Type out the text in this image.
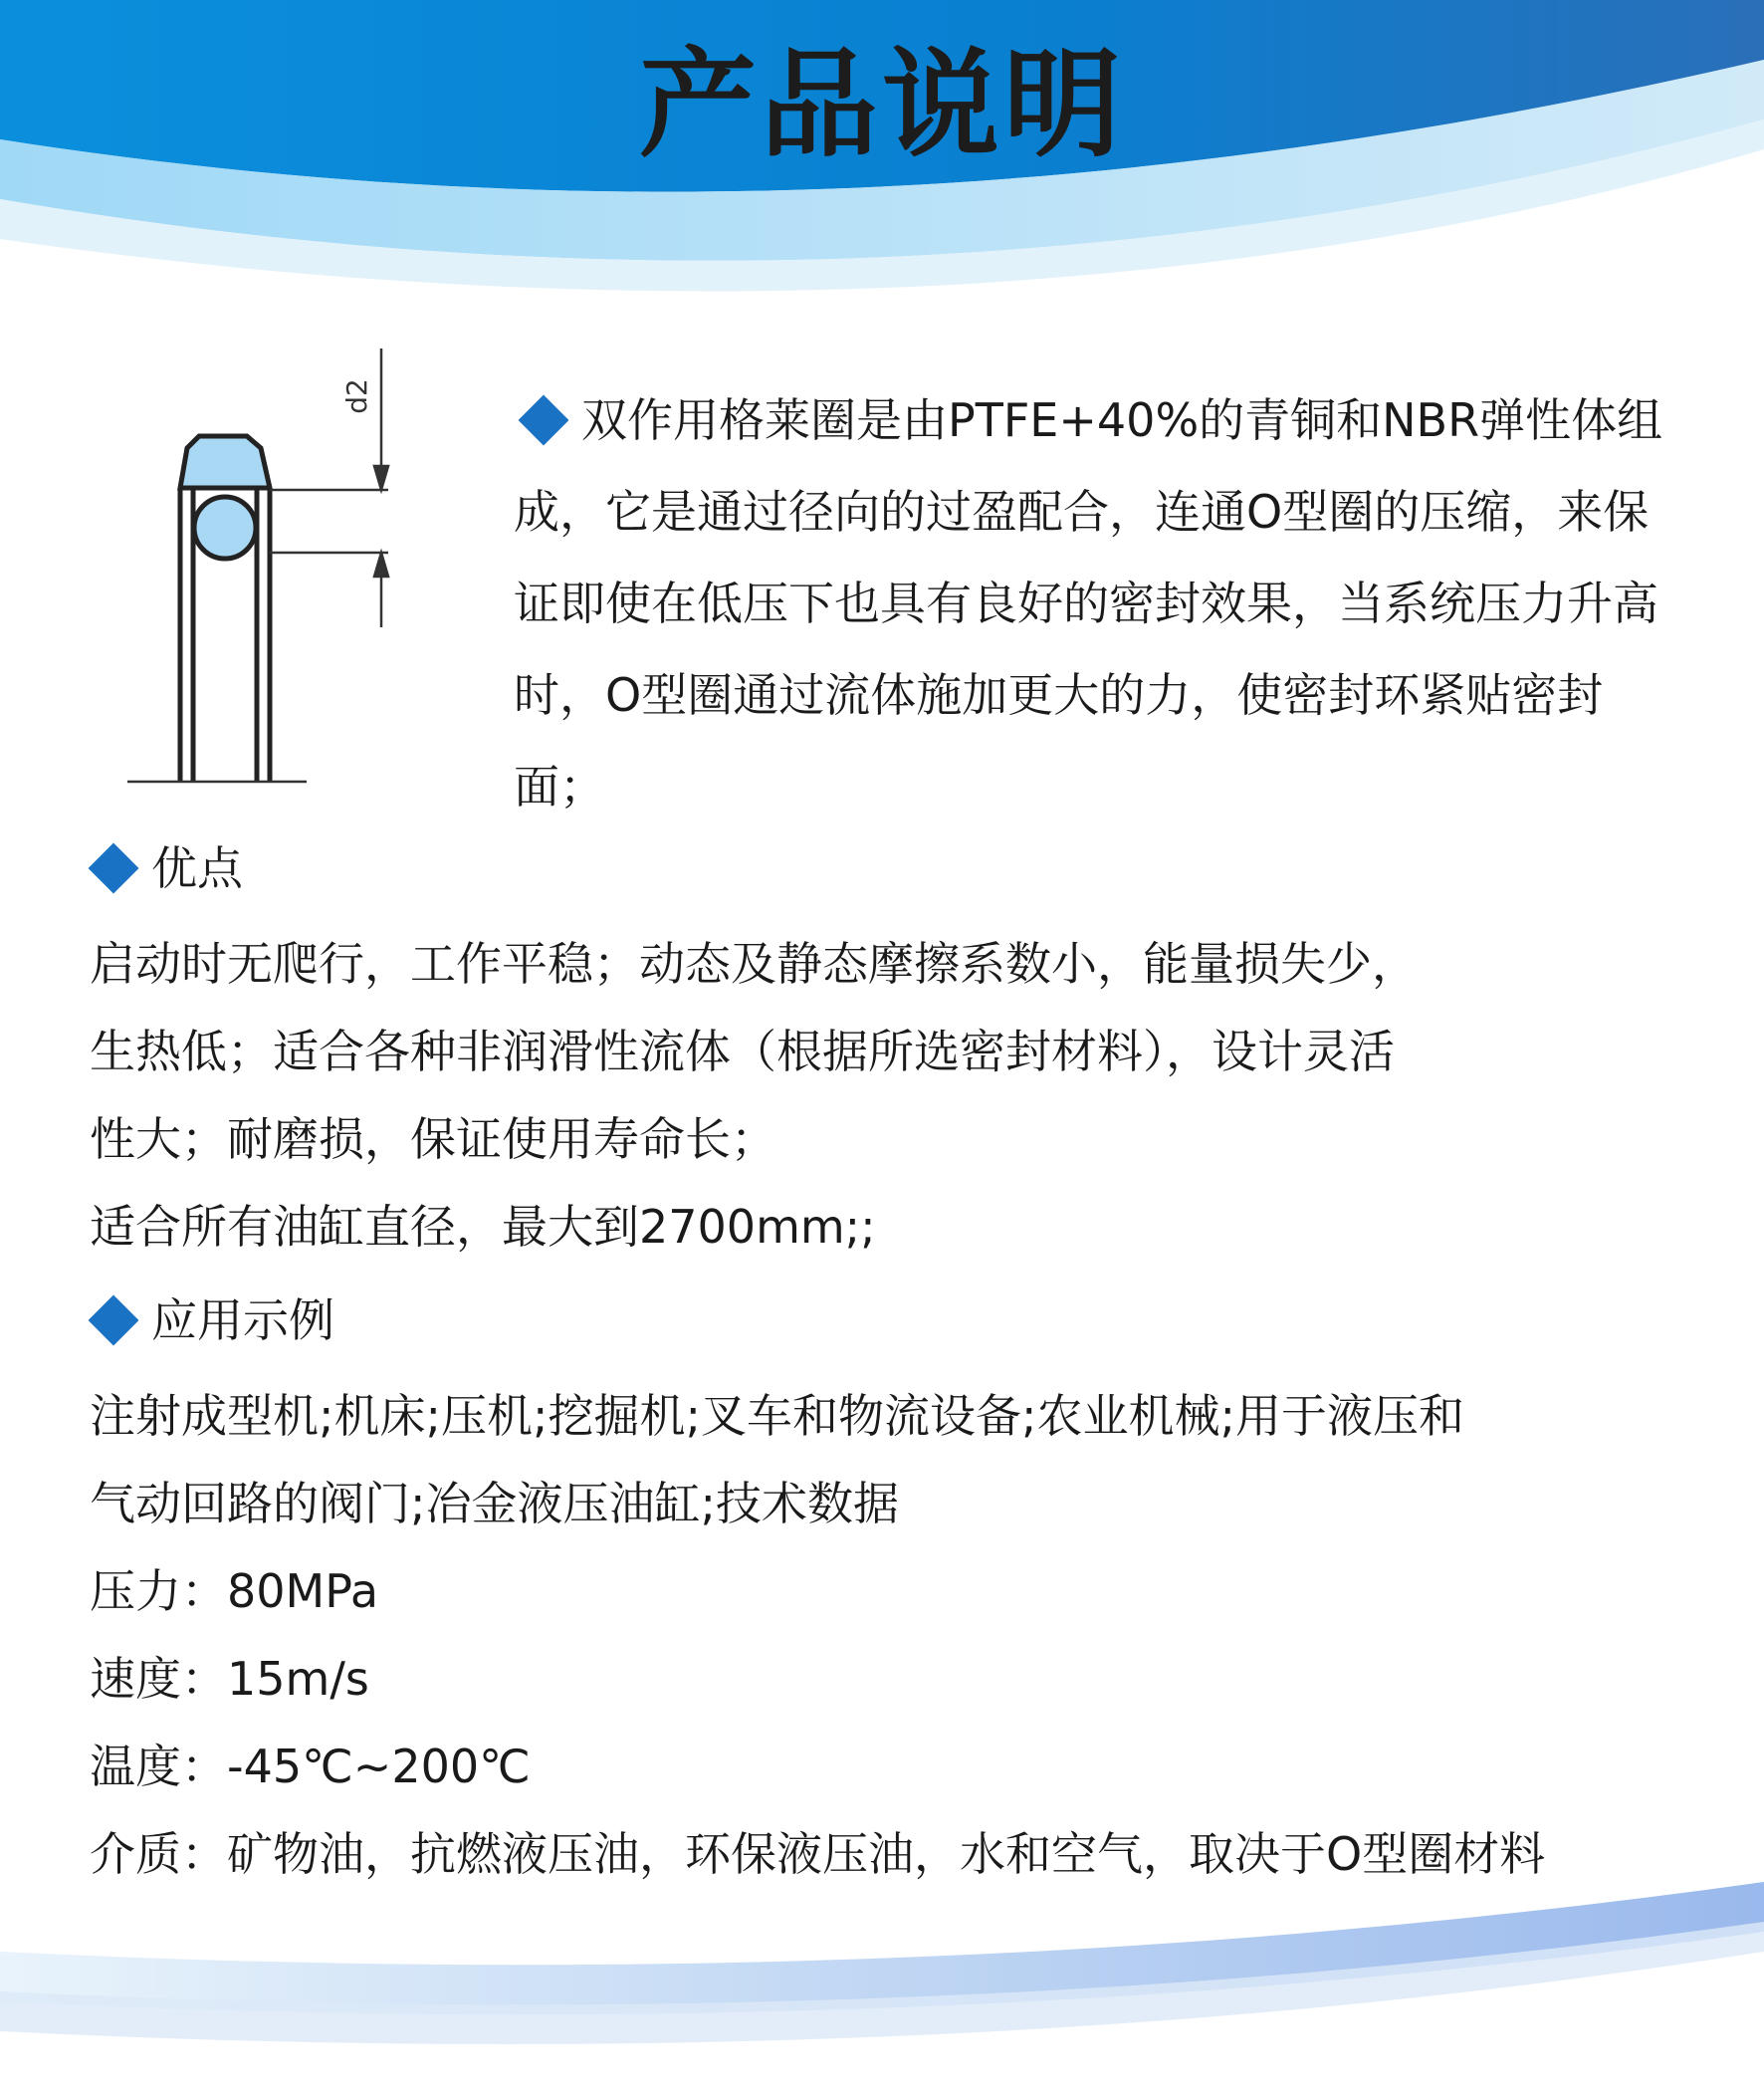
产品说明
d2	双作用格莱圈是由PTFE+40%的青铜和NBR弹性体组成，它是通过径向的过盈配合，连通O型圈的压缩，来保证即使在低压下也具有良好的密封效果，当系统压力升高时，O型圈通过流体施加更大的力，使密封环紧贴密封面；

优点
启动时无爬行，工作平稳；动态及静态摩擦系数小，能量损失少，
生热低；适合各种非润滑性流体（根据所选密封材料），设计灵活
性大；耐磨损，保证使用寿命长；
适合所有油缸直径，最大到2700mm;;
应用示例
注射成型机;机床;压机;挖掘机;叉车和物流设备;农业机械;用于液压和
气动回路的阀门;冶金液压油缸;技术数据
压力：80MPa
速度：15m/s
温度：-45℃~200℃
介质：矿物油，抗燃液压油，环保液压油，水和空气，取决于O型圈材料
